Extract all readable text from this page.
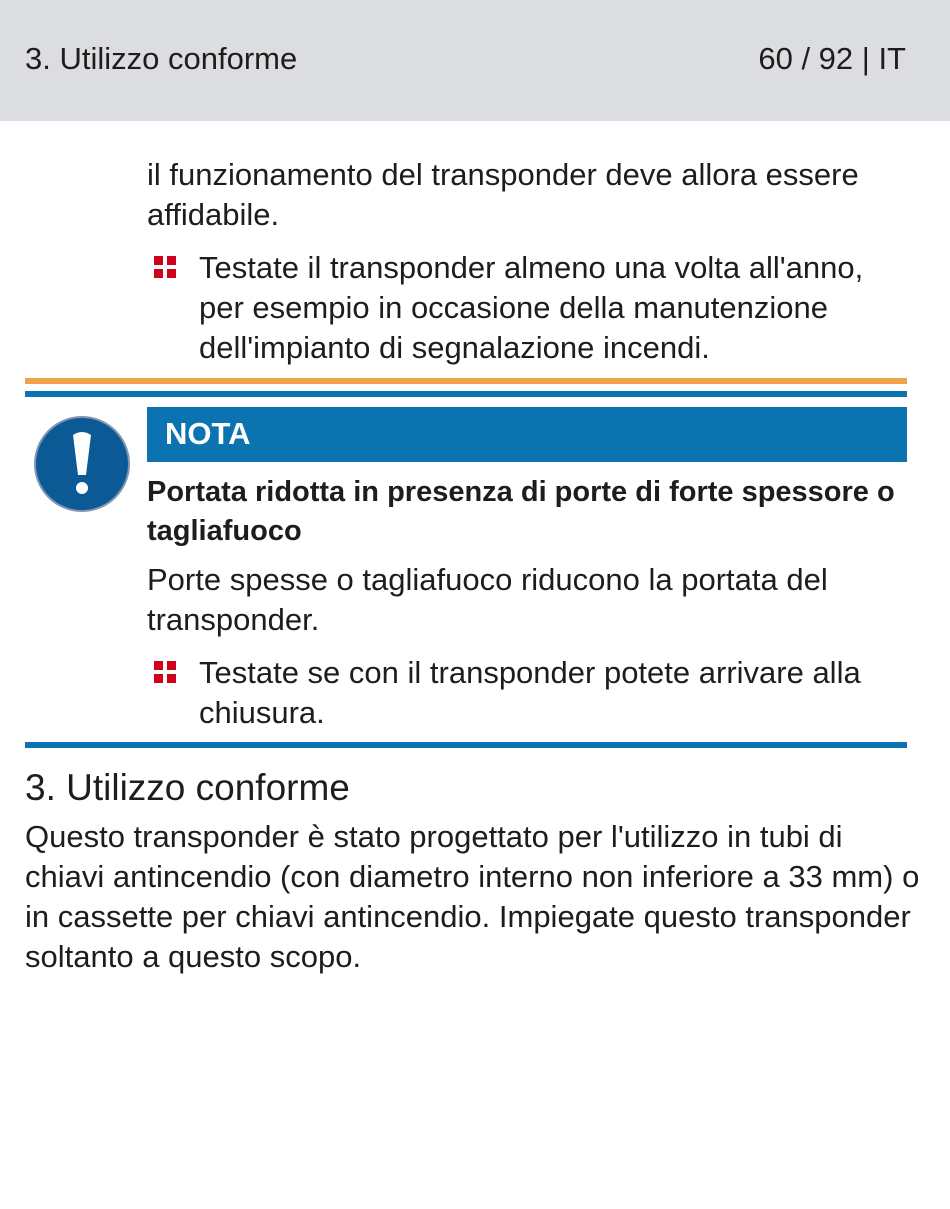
3. Utilizzo conforme	60 / 92 | IT

il funzionamento del transponder deve allora essere affidabile.

Testate il transponder almeno una volta all'anno, per esempio in occasione della manutenzione dell'impianto di segnalazione incendi.

NOTA

Portata ridotta in presenza di porte di forte spessore o tagliafuoco

Porte spesse o tagliafuoco riducono la portata del transponder.

Testate se con il transponder potete arrivare alla chiusura.

3. Utilizzo conforme

Questo transponder è stato progettato per l'utilizzo in tubi di chiavi antincendio (con diametro interno non inferiore a 33 mm) o in cassette per chiavi antincendio. Impiegate questo transponder soltanto a questo scopo.
